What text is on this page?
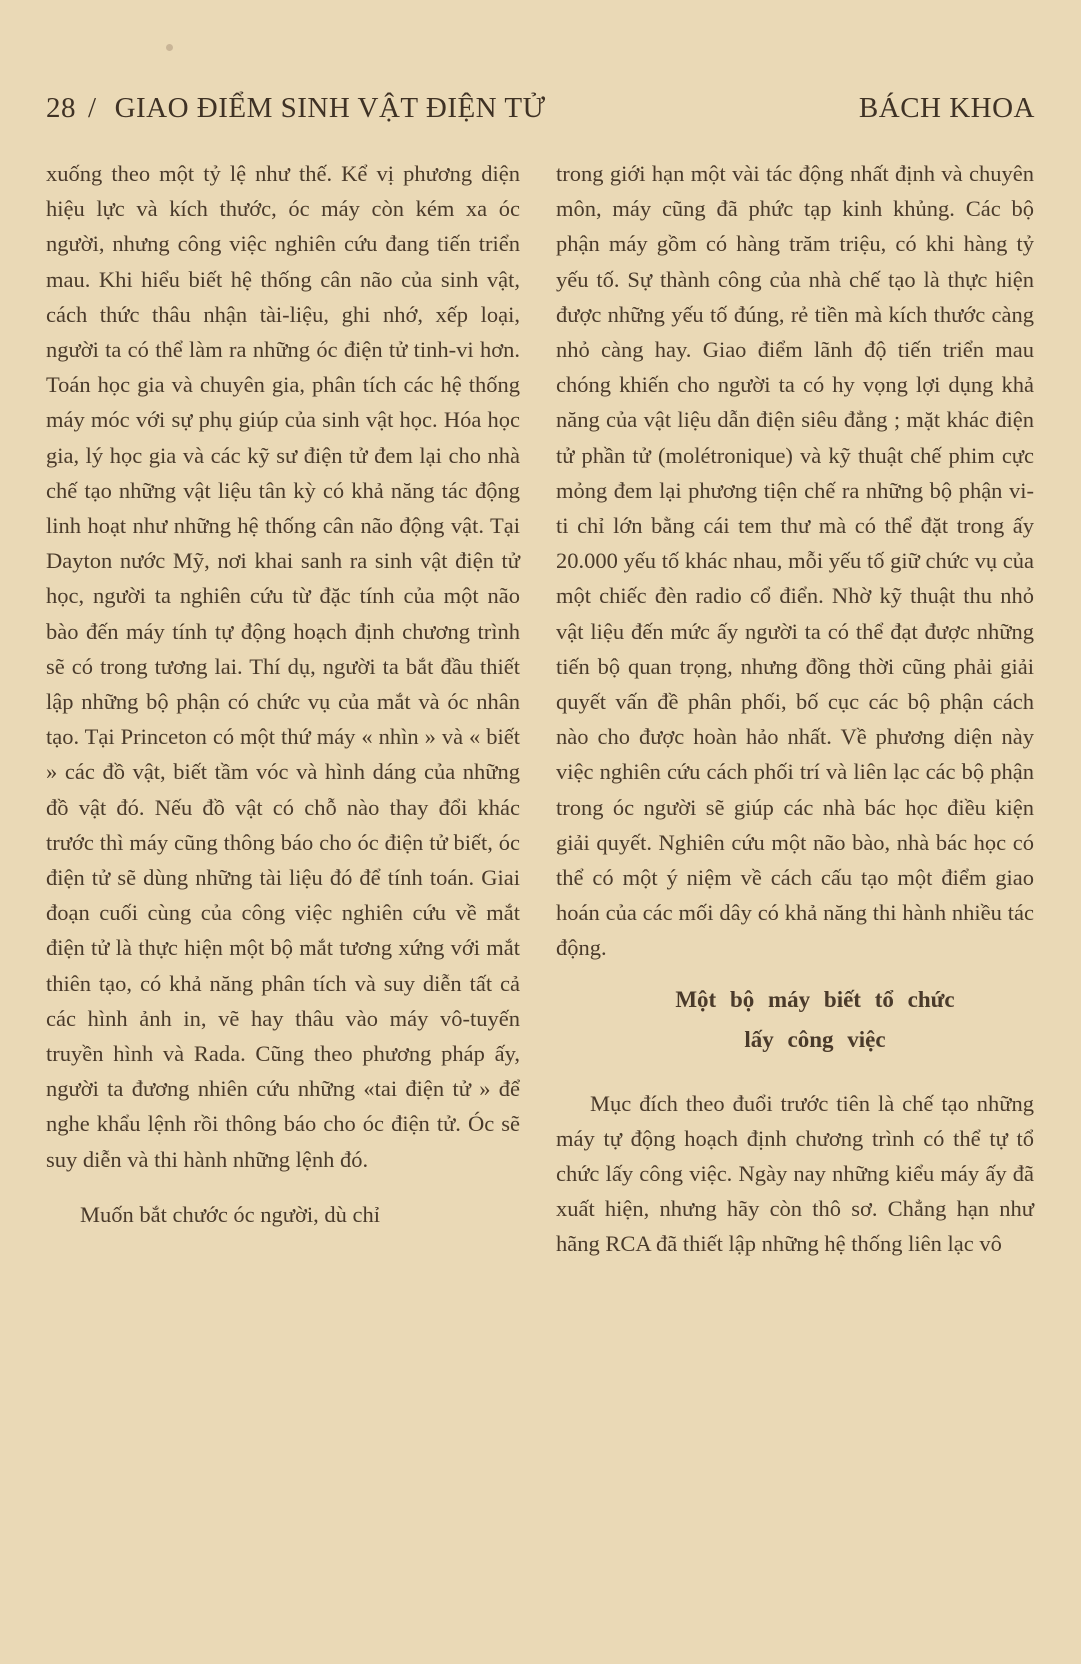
28 / GIAO ĐIỂM SINH VẬT ĐIỆN TỬ	BÁCH KHOA

xuống theo một tỷ lệ như thế. Kể vị phương diện hiệu lực và kích thước, óc máy còn kém xa óc người, nhưng công việc nghiên cứu đang tiến triển mau. Khi hiểu biết hệ thống cân não của sinh vật, cách thức thâu nhận tài-liệu, ghi nhớ, xếp loại, người ta có thể làm ra những óc điện tử tinh-vi hơn. Toán học gia và chuyên gia, phân tích các hệ thống máy móc với sự phụ giúp của sinh vật học. Hóa học gia, lý học gia và các kỹ sư điện tử đem lại cho nhà chế tạo những vật liệu tân kỳ có khả năng tác động linh hoạt như những hệ thống cân não động vật. Tại Dayton nước Mỹ, nơi khai sanh ra sinh vật điện tử học, người ta nghiên cứu từ đặc tính của một não bào đến máy tính tự động hoạch định chương trình sẽ có trong tương lai. Thí dụ, người ta bắt đầu thiết lập những bộ phận có chức vụ của mắt và óc nhân tạo. Tại Princeton có một thứ máy « nhìn » và « biết » các đồ vật, biết tầm vóc và hình dáng của những đồ vật đó. Nếu đồ vật có chỗ nào thay đổi khác trước thì máy cũng thông báo cho óc điện tử biết, óc điện tử sẽ dùng những tài liệu đó để tính toán. Giai đoạn cuối cùng của công việc nghiên cứu về mắt điện tử là thực hiện một bộ mắt tương xứng với mắt thiên tạo, có khả năng phân tích và suy diễn tất cả các hình ảnh in, vẽ hay thâu vào máy vô-tuyến truyền hình và Rada. Cũng theo phương pháp ấy, người ta đương nhiên cứu những «tai điện tử » để nghe khẩu lệnh rồi thông báo cho óc điện tử. Óc sẽ suy diễn và thi hành những lệnh đó.

Muốn bắt chước óc người, dù chỉ

trong giới hạn một vài tác động nhất định và chuyên môn, máy cũng đã phức tạp kinh khủng. Các bộ phận máy gồm có hàng trăm triệu, có khi hàng tỷ yếu tố. Sự thành công của nhà chế tạo là thực hiện được những yếu tố đúng, rẻ tiền mà kích thước càng nhỏ càng hay. Giao điểm lãnh độ tiến triển mau chóng khiến cho người ta có hy vọng lợi dụng khả năng của vật liệu dẫn điện siêu đẳng ; mặt khác điện tử phần tử (molétronique) và kỹ thuật chế phim cực mỏng đem lại phương tiện chế ra những bộ phận vi-ti chỉ lớn bằng cái tem thư mà có thể đặt trong ấy 20.000 yếu tố khác nhau, mỗi yếu tố giữ chức vụ của một chiếc đèn radio cổ điển. Nhờ kỹ thuật thu nhỏ vật liệu đến mức ấy người ta có thể đạt được những tiến bộ quan trọng, nhưng đồng thời cũng phải giải quyết vấn đề phân phối, bố cục các bộ phận cách nào cho được hoàn hảo nhất. Về phương diện này việc nghiên cứu cách phối trí và liên lạc các bộ phận trong óc người sẽ giúp các nhà bác học điều kiện giải quyết. Nghiên cứu một não bào, nhà bác học có thể có một ý niệm về cách cấu tạo một điểm giao hoán của các mối dây có khả năng thi hành nhiều tác động.

Một bộ máy biết tổ chức
lấy công việc

Mục đích theo đuổi trước tiên là chế tạo những máy tự động hoạch định chương trình có thể tự tổ chức lấy công việc. Ngày nay những kiểu máy ấy đã xuất hiện, nhưng hãy còn thô sơ. Chẳng hạn như hãng RCA đã thiết lập những hệ thống liên lạc vô
